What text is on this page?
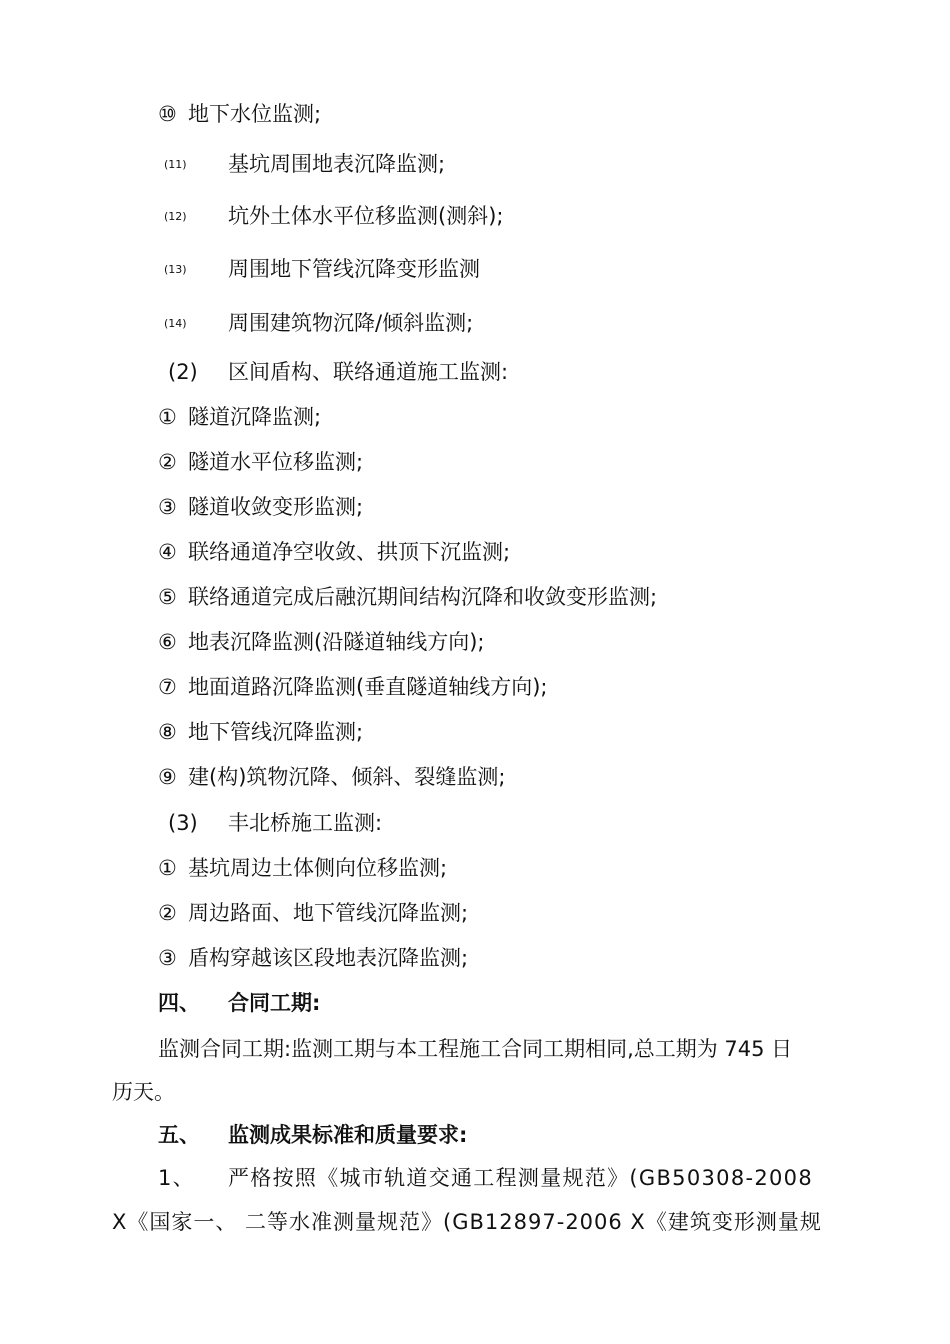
⑩ 地下水位监测;
(11) 基坑周围地表沉降监测;
(12) 坑外土体水平位移监测(测斜);
(13) 周围地下管线沉降变形监测
(14) 周围建筑物沉降/倾斜监测;
(2) 区间盾构、联络通道施工监测:
① 隧道沉降监测;
② 隧道水平位移监测;
③ 隧道收敛变形监测;
④ 联络通道净空收敛、拱顶下沉监测;
⑤ 联络通道完成后融沉期间结构沉降和收敛变形监测;
⑥ 地表沉降监测(沿隧道轴线方向);
⑦ 地面道路沉降监测(垂直隧道轴线方向);
⑧ 地下管线沉降监测;
⑨ 建(构)筑物沉降、倾斜、裂缝监测;
(3) 丰北桥施工监测:
① 基坑周边土体侧向位移监测;
② 周边路面、地下管线沉降监测;
③ 盾构穿越该区段地表沉降监测;
四、 合同工期:
监测合同工期:监测工期与本工程施工合同工期相同,总工期为 745 日
历天。
五、 监测成果标准和质量要求:
1、 严格按照《城市轨道交通工程测量规范》(GB50308-2008
X《国家一、 二等水准测量规范》(GB12897-2006 X《建筑变形测量规
